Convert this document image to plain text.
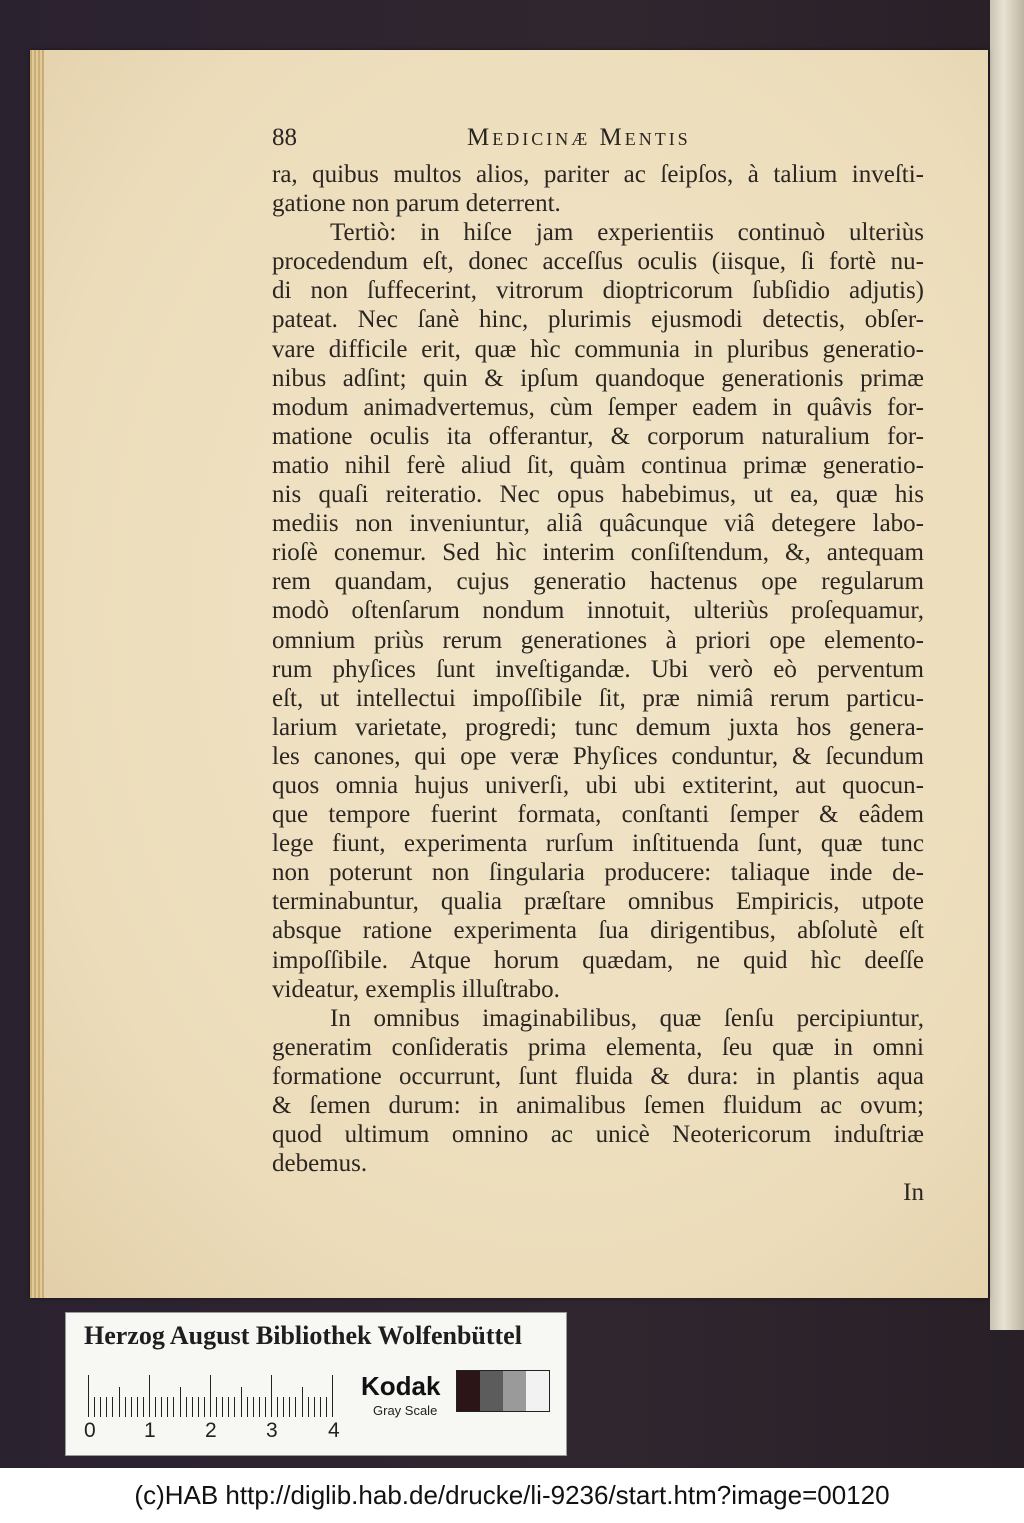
88	Medicinæ Mentis
ra, quibus multos alios, pariter ac ſeipſos, à talium inveſti-
gatione non parum deterrent.
Tertiò: in hiſce jam experientiis continuò ulteriùs
procedendum eſt, donec acceſſus oculis (iisque, ſi fortè nu-
di non ſuffecerint, vitrorum dioptricorum ſubſidio adjutis)
pateat. Nec ſanè hinc, plurimis ejusmodi detectis, obſer-
vare difficile erit, quæ hìc communia in pluribus generatio-
nibus adſint; quin & ipſum quandoque generationis primæ
modum animadvertemus, cùm ſemper eadem in quâvis for-
matione oculis ita offerantur, & corporum naturalium for-
matio nihil ferè aliud ſit, quàm continua primæ generatio-
nis quaſi reiteratio. Nec opus habebimus, ut ea, quæ his
mediis non inveniuntur, aliâ quâcunque viâ detegere labo-
rioſè conemur. Sed hìc interim conſiſtendum, &, antequam
rem quandam, cujus generatio hactenus ope regularum
modò oſtenſarum nondum innotuit, ulteriùs proſequamur,
omnium priùs rerum generationes à priori ope elemento-
rum phyſices ſunt inveſtigandæ. Ubi verò eò perventum
eſt, ut intellectui impoſſibile ſit, præ nimiâ rerum particu-
larium varietate, progredi; tunc demum juxta hos genera-
les canones, qui ope veræ Phyſices conduntur, & ſecundum
quos omnia hujus univerſi, ubi ubi extiterint, aut quocun-
que tempore fuerint formata, conſtanti ſemper & eâdem
lege fiunt, experimenta rurſum inſtituenda ſunt, quæ tunc
non poterunt non ſingularia producere: taliaque inde de-
terminabuntur, qualia præſtare omnibus Empiricis, utpote
absque ratione experimenta ſua dirigentibus, abſolutè eſt
impoſſibile. Atque horum quædam, ne quid hìc deeſſe
videatur, exemplis illuſtrabo.
In omnibus imaginabilibus, quæ ſenſu percipiuntur,
generatim conſideratis prima elementa, ſeu quæ in omni
formatione occurrunt, ſunt fluida & dura: in plantis aqua
& ſemen durum: in animalibus ſemen fluidum ac ovum;
quod ultimum omnino ac unicè Neotericorum induſtriæ
debemus.
In
Herzog August Bibliothek Wolfenbüttel
0 1 2 3 4
Kodak
Gray Scale
(c)HAB http://diglib.hab.de/drucke/li-9236/start.htm?image=00120
